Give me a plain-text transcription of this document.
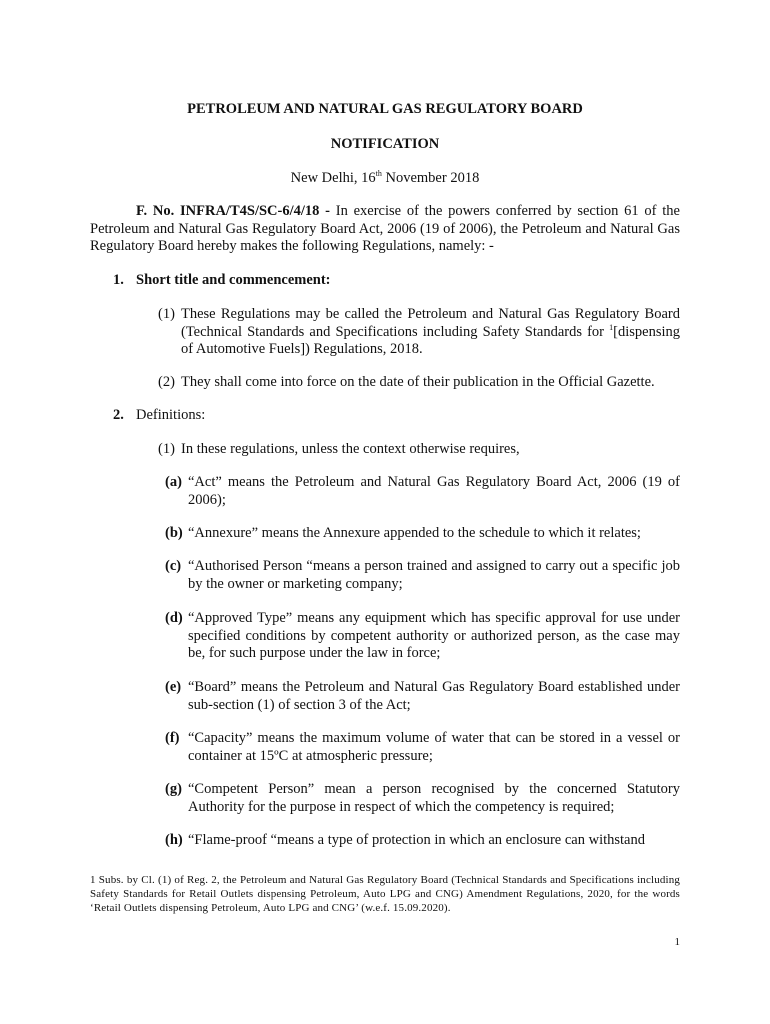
PETROLEUM AND NATURAL GAS REGULATORY BOARD
NOTIFICATION
New Delhi, 16th November 2018
F. No. INFRA/T4S/SC-6/4/18 - In exercise of the powers conferred by section 61 of the Petroleum and Natural Gas Regulatory Board Act, 2006 (19 of 2006), the Petroleum and Natural Gas Regulatory Board hereby makes the following Regulations, namely: -
1. Short title and commencement:
(1) These Regulations may be called the Petroleum and Natural Gas Regulatory Board (Technical Standards and Specifications including Safety Standards for $^1$[dispensing of Automotive Fuels]) Regulations, 2018.
(2) They shall come into force on the date of their publication in the Official Gazette.
2. Definitions:
(1) In these regulations, unless the context otherwise requires,
(a) “Act” means the Petroleum and Natural Gas Regulatory Board Act, 2006 (19 of 2006);
(b) “Annexure” means the Annexure appended to the schedule to which it relates;
(c) “Authorised Person “means a person trained and assigned to carry out a specific job by the owner or marketing company;
(d) “Approved Type” means any equipment which has specific approval for use under specified conditions by competent authority or authorized person, as the case may be, for such purpose under the law in force;
(e) “Board” means the Petroleum and Natural Gas Regulatory Board established under sub-section (1) of section 3 of the Act;
(f) “Capacity” means the maximum volume of water that can be stored in a vessel or container at 15ºC at atmospheric pressure;
(g) “Competent Person” mean a person recognised by the concerned Statutory Authority for the purpose in respect of which the competency is required;
(h) “Flame-proof “means a type of protection in which an enclosure can withstand
1 Subs. by Cl. (1) of Reg. 2, the Petroleum and Natural Gas Regulatory Board (Technical Standards and Specifications including Safety Standards for Retail Outlets dispensing Petroleum, Auto LPG and CNG) Amendment Regulations, 2020, for the words ‘Retail Outlets dispensing Petroleum, Auto LPG and CNG’ (w.e.f. 15.09.2020).
1
